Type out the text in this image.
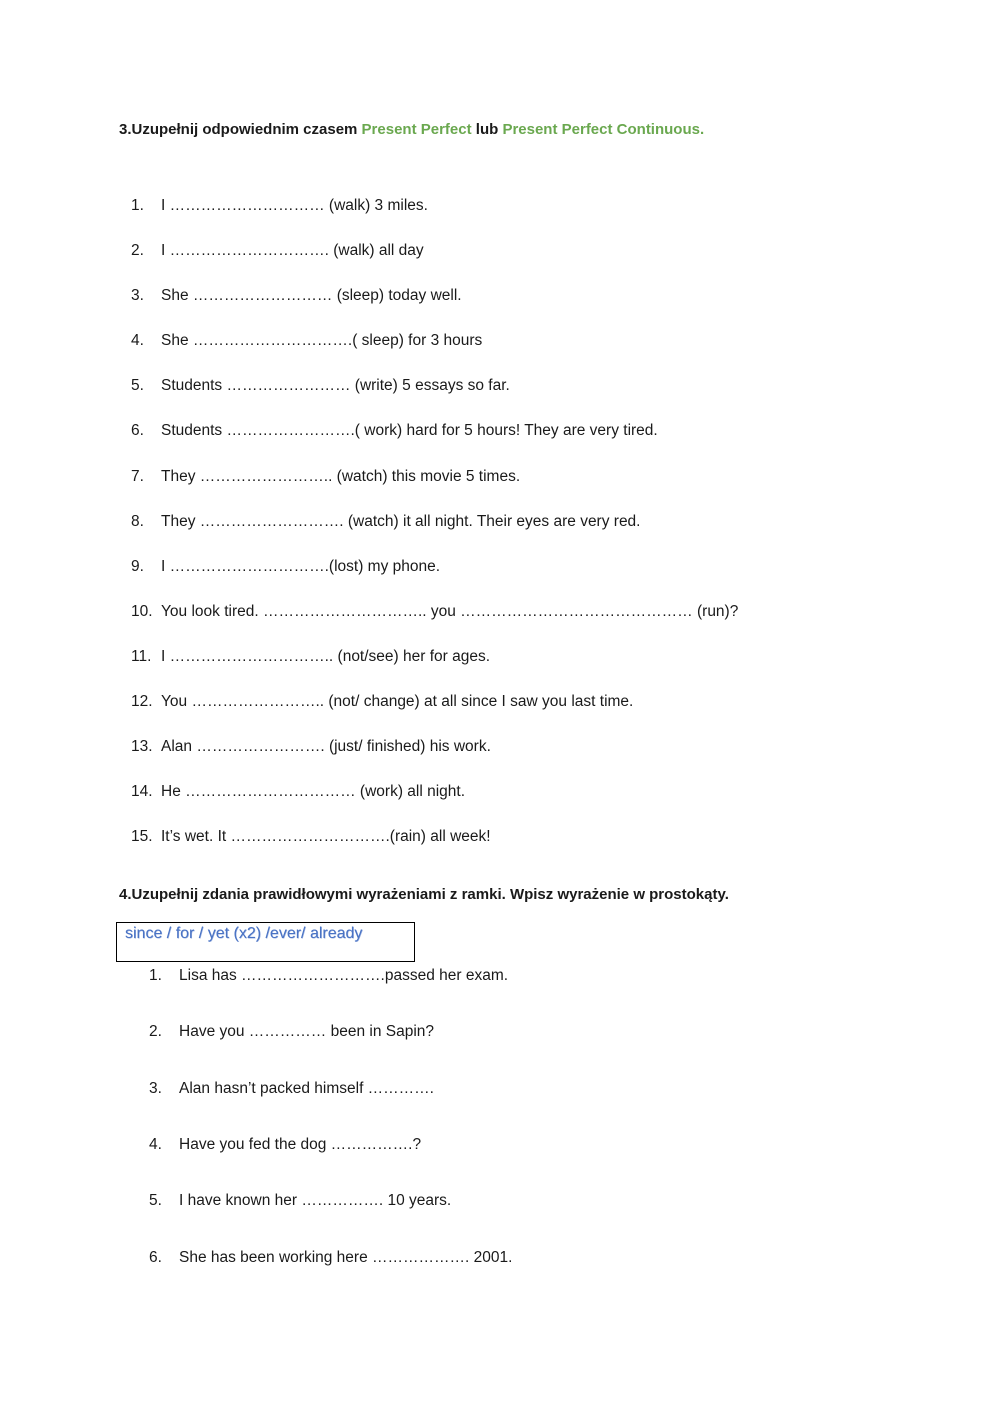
3.Uzupełnij odpowiednim czasem Present Perfect lub Present Perfect Continuous.
1. I ………………………… (walk) 3 miles.
2. I …………………………. (walk) all day
3. She ……………………… (sleep) today well.
4. She ………………………….( sleep) for 3 hours
5. Students …………………… (write) 5 essays so far.
6. Students …………………….( work) hard for 5 hours! They are very tired.
7. They …………………….. (watch) this movie 5 times.
8. They ………………………. (watch) it all night. Their eyes are very red.
9. I ………………………….(lost) my phone.
10. You look tired. ………………………….. you ……………………………………… (run)?
11. I ………………………….. (not/see) her for ages.
12. You …………………….. (not/ change) at all since I saw you last time.
13. Alan ……………………. (just/ finished) his work.
14. He …………………………… (work) all night.
15. It’s wet. It ………………………….(rain) all week!
4.Uzupełnij zdania prawidłowymi wyrażeniami z ramki. Wpisz wyrażenie w prostokąty.
since / for / yet (x2) /ever/ already
1. Lisa has ……………………….passed her exam.
2. Have you …………… been in Sapin?
3. Alan hasn’t packed himself ………….
4. Have you fed the dog …………….?
5. I have known her ……………. 10 years.
6. She has been working here ………………. 2001.
